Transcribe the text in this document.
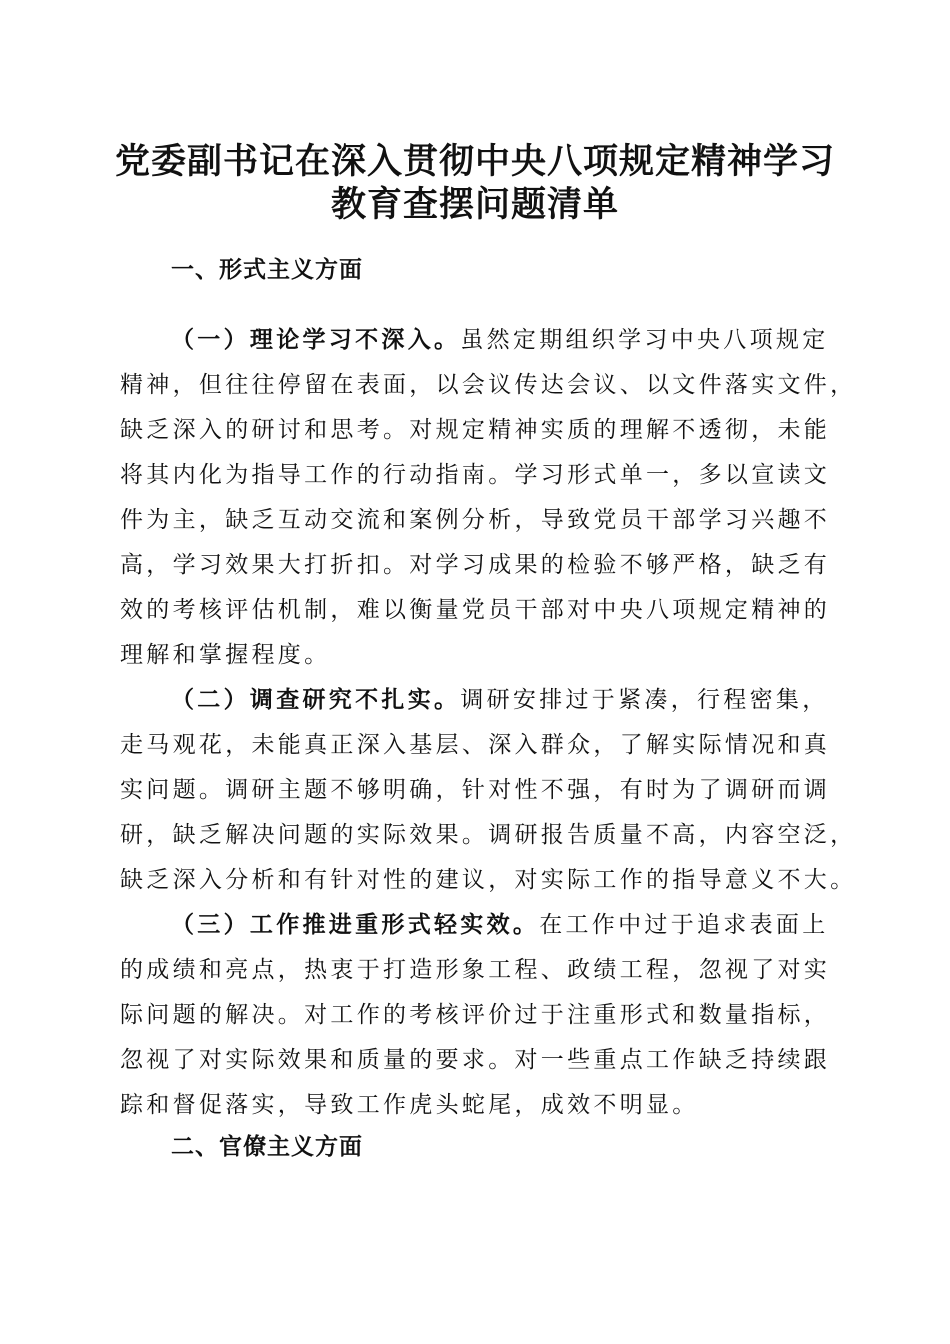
党委副书记在深入贯彻中央八项规定精神学习
教育查摆问题清单
一、形式主义方面
（一）理论学习不深入。虽然定期组织学习中央八项规定
精神，但往往停留在表面，以会议传达会议、以文件落实文件，
缺乏深入的研讨和思考。对规定精神实质的理解不透彻，未能
将其内化为指导工作的行动指南。学习形式单一，多以宣读文
件为主，缺乏互动交流和案例分析，导致党员干部学习兴趣不
高，学习效果大打折扣。对学习成果的检验不够严格，缺乏有
效的考核评估机制，难以衡量党员干部对中央八项规定精神的
理解和掌握程度。
（二）调查研究不扎实。调研安排过于紧凑，行程密集，
走马观花，未能真正深入基层、深入群众，了解实际情况和真
实问题。调研主题不够明确，针对性不强，有时为了调研而调
研，缺乏解决问题的实际效果。调研报告质量不高，内容空泛，
缺乏深入分析和有针对性的建议，对实际工作的指导意义不大。
（三）工作推进重形式轻实效。在工作中过于追求表面上
的成绩和亮点，热衷于打造形象工程、政绩工程，忽视了对实
际问题的解决。对工作的考核评价过于注重形式和数量指标，
忽视了对实际效果和质量的要求。对一些重点工作缺乏持续跟
踪和督促落实，导致工作虎头蛇尾，成效不明显。
二、官僚主义方面
